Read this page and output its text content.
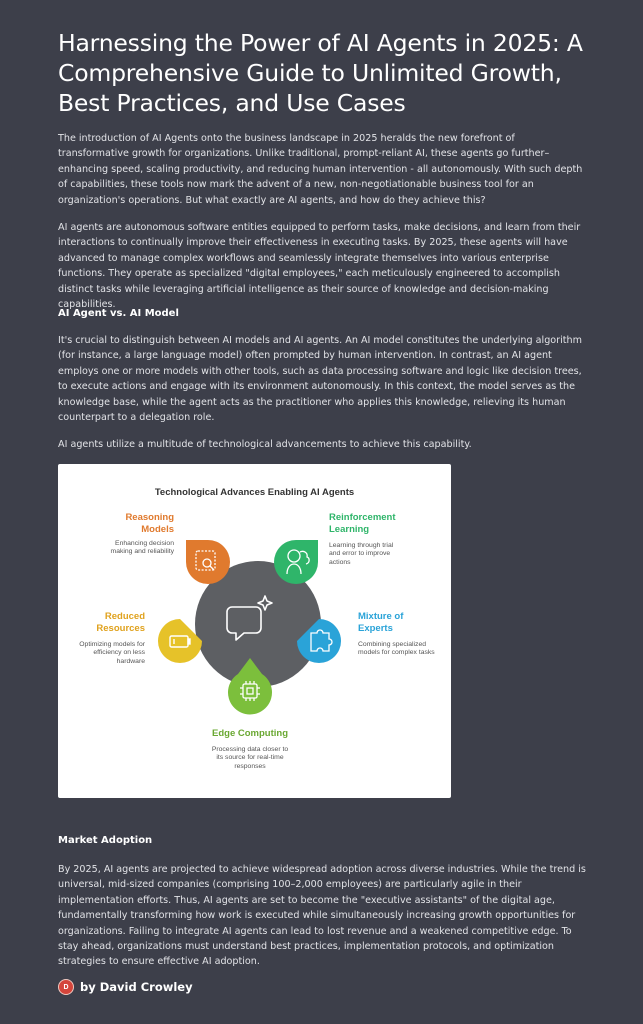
Harnessing the Power of AI Agents in 2025: A Comprehensive Guide to Unlimited Growth, Best Practices, and Use Cases

The introduction of AI Agents onto the business landscape in 2025 heralds the new forefront of transformative growth for organizations. Unlike traditional, prompt-reliant AI, these agents go further–enhancing speed, scaling productivity, and reducing human intervention - all autonomously. With such depth of capabilities, these tools now mark the advent of a new, non-negotiationable business tool for an organization's operations. But what exactly are AI agents, and how do they achieve this?

AI agents are autonomous software entities equipped to perform tasks, make decisions, and learn from their interactions to continually improve their effectiveness in executing tasks. By 2025, these agents will have advanced to manage complex workflows and seamlessly integrate themselves into various enterprise functions. They operate as specialized "digital employees," each meticulously engineered to accomplish distinct tasks while leveraging artificial intelligence as their source of knowledge and decision-making capabilities.

AI Agent vs. AI Model

It's crucial to distinguish between AI models and AI agents. An AI model constitutes the underlying algorithm (for instance, a large language model) often prompted by human intervention. In contrast, an AI agent employs one or more models with other tools, such as data processing software and logic like decision trees, to execute actions and engage with its environment autonomously. In this context, the model serves as the knowledge base, while the agent acts as the practitioner who applies this knowledge, relieving its human counterpart to a delegation role.

AI agents utilize a multitude of technological advancements to achieve this capability.

Technological Advances Enabling AI Agents
Reasoning Models
Enhancing decision making and reliability
Reinforcement Learning
Learning through trial and error to improve actions
Reduced Resources
Optimizing models for efficiency on less hardware
Mixture of Experts
Combining specialized models for complex tasks
Edge Computing
Processing data closer to its source for real-time responses
Market Adoption

By 2025, AI agents are projected to achieve widespread adoption across diverse industries. While the trend is universal, mid-sized companies (comprising 100–2,000 employees) are particularly agile in their implementation efforts. Thus, AI agents are set to become the "executive assistants" of the digital age, fundamentally transforming how work is executed while simultaneously increasing growth opportunities for organizations. Failing to integrate AI agents can lead to lost revenue and a weakened competitive edge. To stay ahead, organizations must understand best practices, implementation protocols, and optimization strategies to ensure effective AI adoption.

D by David Crowley
